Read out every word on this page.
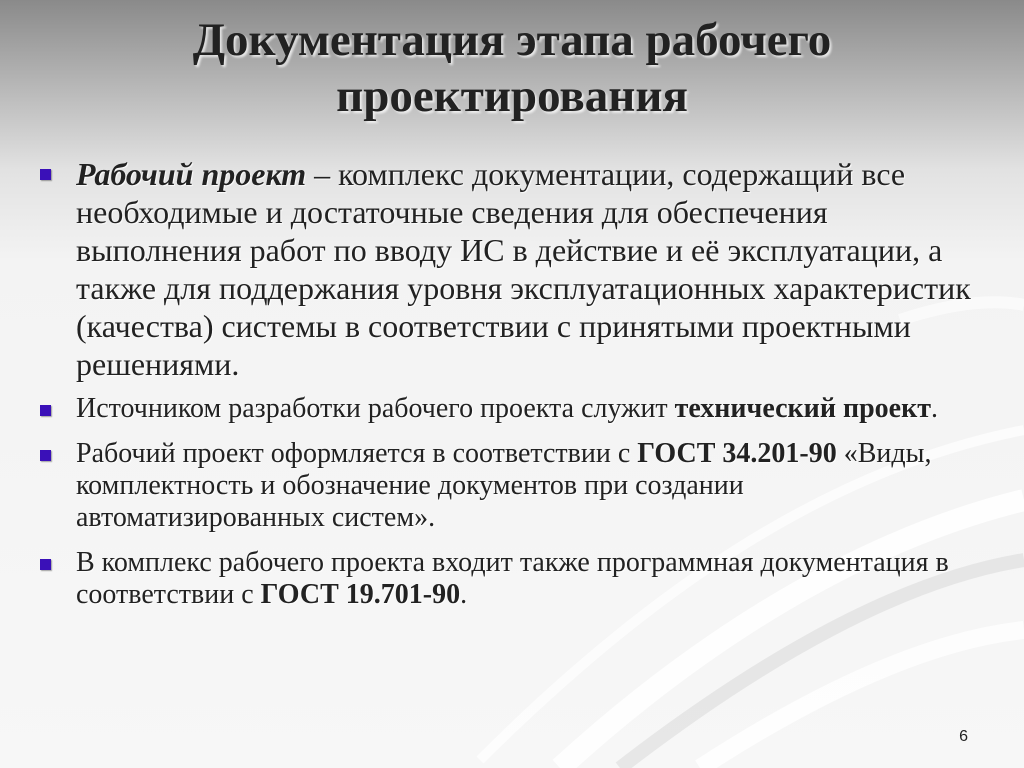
Документация этапа рабочего проектирования
Рабочий проект – комплекс документации, содержащий все необходимые и достаточные сведения для обеспечения выполнения работ по вводу ИС в действие и её эксплуатации, а также для поддержания уровня эксплуатационных характеристик (качества) системы в соответствии с принятыми проектными решениями.
Источником разработки рабочего проекта служит технический проект.
Рабочий проект оформляется в соответствии с ГОСТ 34.201-90 «Виды, комплектность и обозначение документов при создании автоматизированных систем».
В комплекс рабочего проекта входит также программная документация в соответствии с ГОСТ 19.701-90.
6
